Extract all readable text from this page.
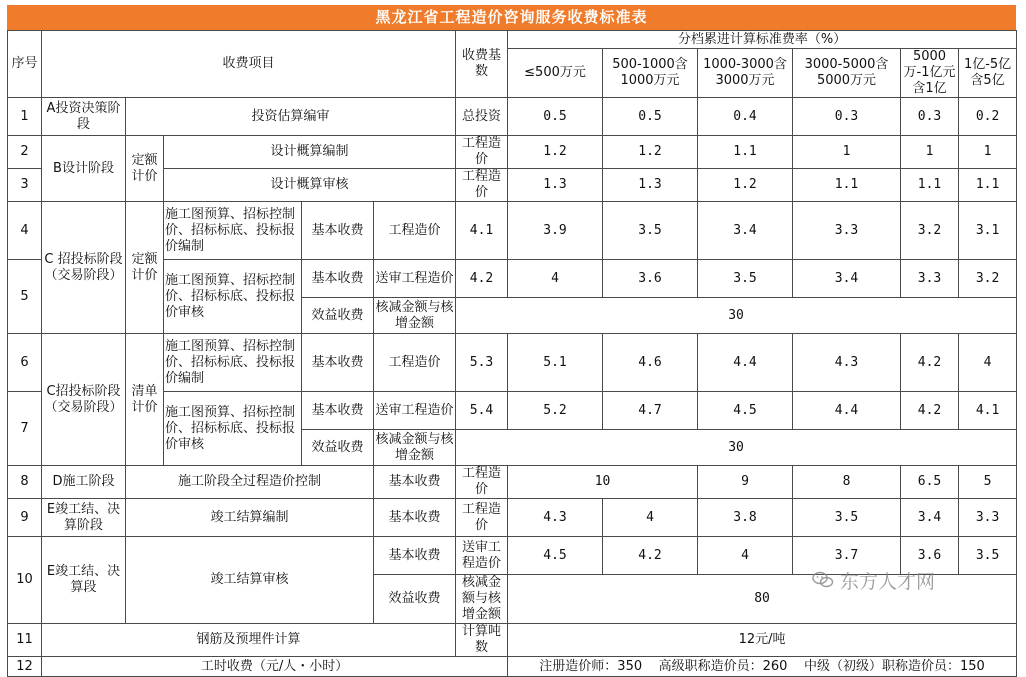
黑龙江省工程造价咨询服务收费标准表
序号	收费项目					收费基数	分档累进计算标准费率（%）						
							≤500万元	500-1000含1000万元	1000-3000含3000万元	3000-5000含5000万元	5000万-1亿元含1亿	1亿-5亿含5亿	
1	A投资决策阶段	投资估算编审				总投资	0.5	0.5	0.4	0.3	0.3	0.2	
2	B设计阶段	定额计价	设计概算编制			工程造价	1.2	1.2	1.1	1	1	1	
3			设计概算审核			工程造价	1.3	1.3	1.2	1.1	1.1	1.1	
4	C 招投标阶段（交易阶段）	定额计价	施工图预算、招标控制价、招标标底、投标报价编制	基本收费	工程造价	4.1	3.9	3.5	3.4	3.3	3.2	3.1	
5			施工图预算、招标控制价、招标标底、投标报价审核	基本收费	送审工程造价	4.2	4	3.6	3.5	3.4	3.3	3.2	
				效益收费	核减金额与核增金额	30							
6	C招投标阶段（交易阶段）	清单计价	施工图预算、招标控制价、招标标底、投标报价编制	基本收费	工程造价	5.3	5.1	4.6	4.4	4.3	4.2	4	
7			施工图预算、招标控制价、招标标底、投标报价审核	基本收费	送审工程造价	5.4	5.2	4.7	4.5	4.4	4.2	4.1	
				效益收费	核减金额与核增金额	30							
8	D施工阶段	施工阶段全过程造价控制			基本收费	工程造价	10		9	8	6.5	5	
9	E竣工结、决算阶段	竣工结算编制			基本收费	工程造价	4.3	4	3.8	3.5	3.4	3.3	
10	E竣工结、决算段	竣工结算审核			基本收费	送审工程造价	4.5	4.2	4	3.7	3.6	3.5	
					效益收费	核减金额与核增金额	80						
11	钢筋及预埋件计算					计算吨数	12元/吨						
12	工时收费（元/人・小时）						注册造价师：350    高级职称造价员：260    中级（初级）职称造价员：150						
东方人才网
